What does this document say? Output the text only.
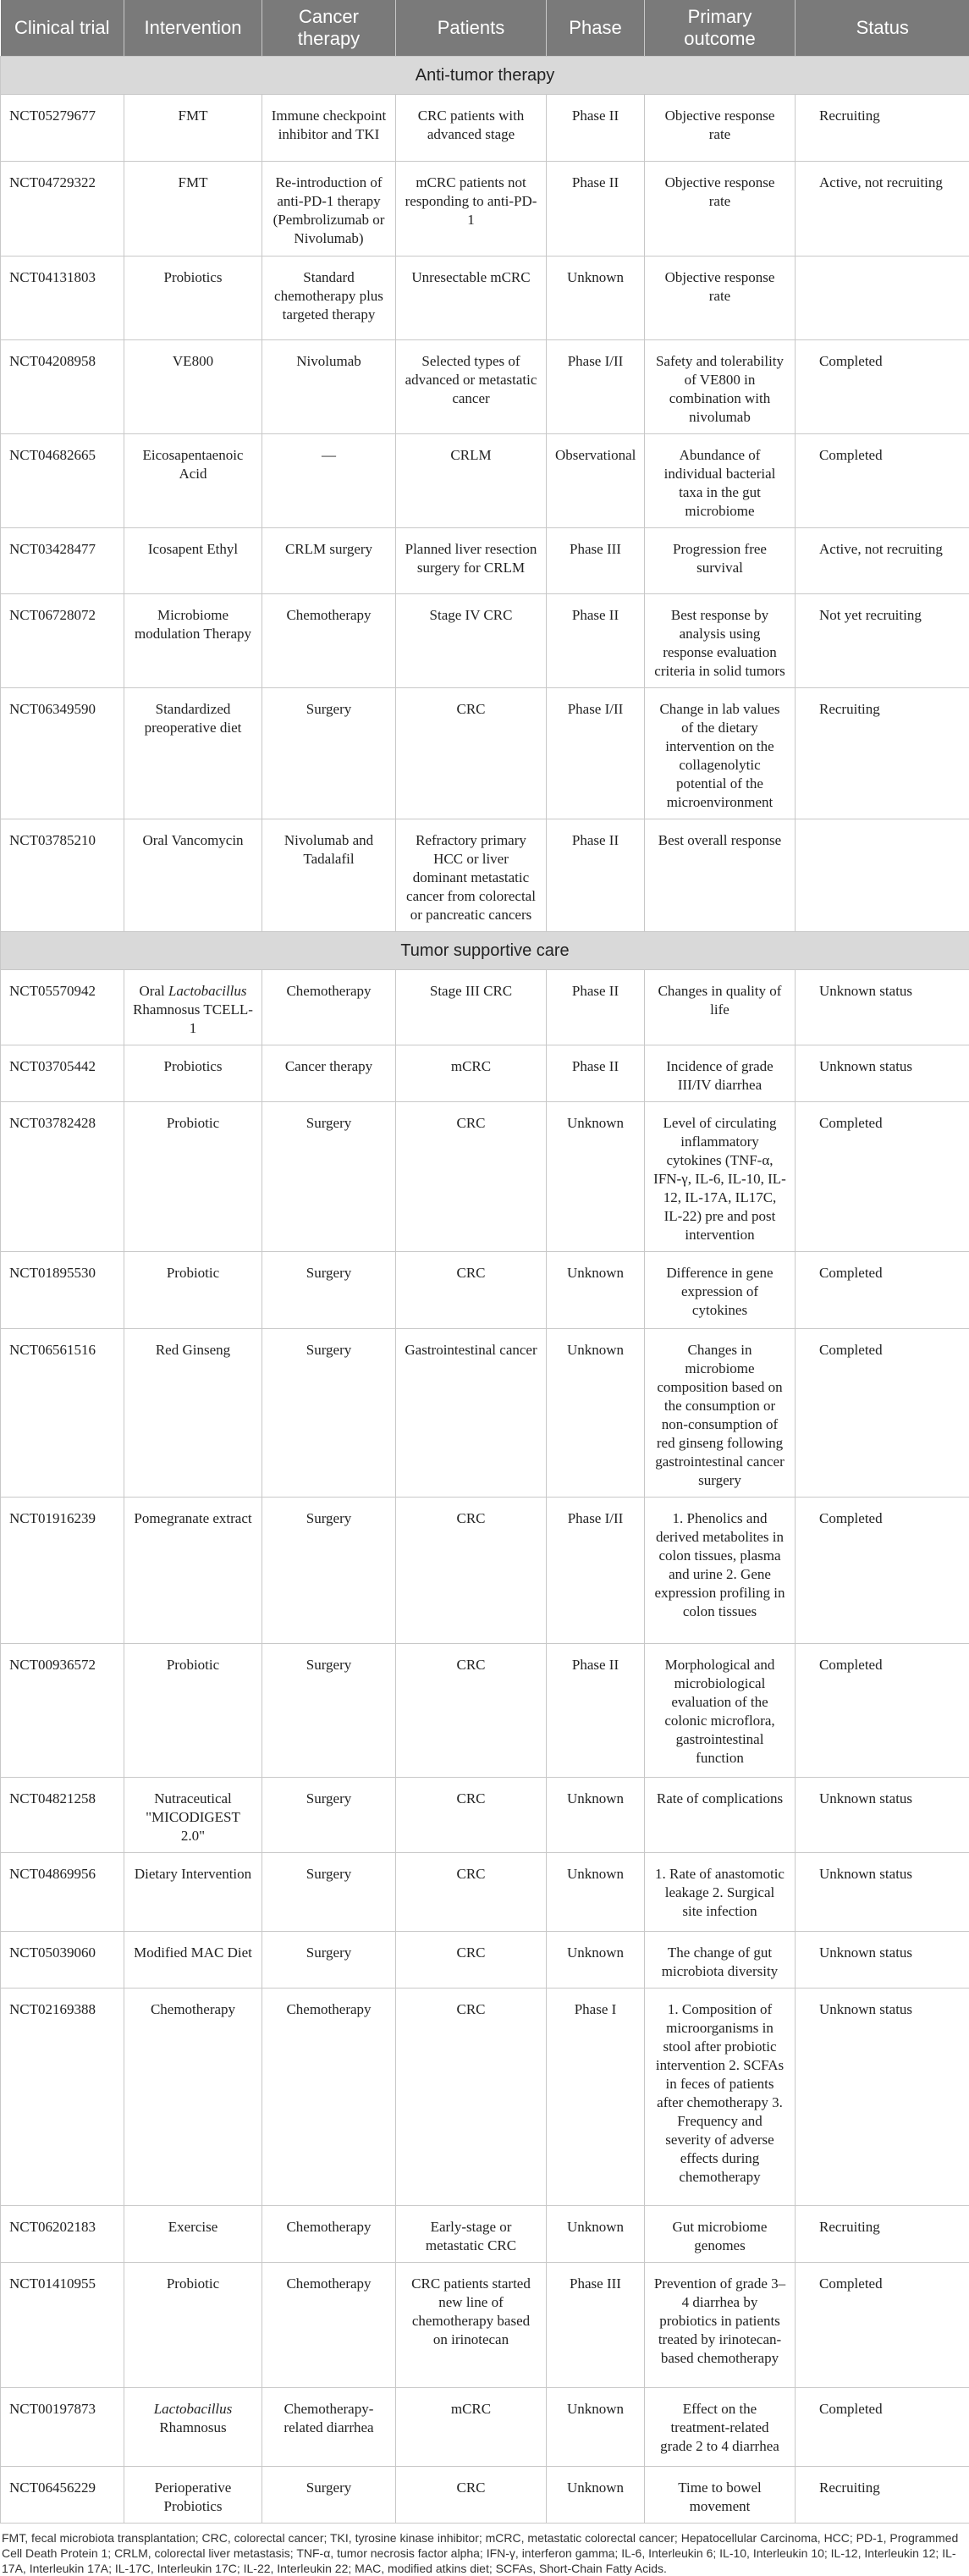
Clinical trial	Intervention	Cancer therapy	Patients	Phase	Primary outcome	Status
Anti-tumor therapy						
NCT05279677	FMT	Immune checkpoint inhibitor and TKI	CRC patients with advanced stage	Phase II	Objective response rate	Recruiting
NCT04729322	FMT	Re-introduction of anti-PD-1 therapy (Pembrolizumab or Nivolumab)	mCRC patients not responding to anti-PD-1	Phase II	Objective response rate	Active, not recruiting
NCT04131803	Probiotics	Standard chemotherapy plus targeted therapy	Unresectable mCRC	Unknown	Objective response rate	
NCT04208958	VE800	Nivolumab	Selected types of advanced or metastatic cancer	Phase I/II	Safety and tolerability of VE800 in combination with nivolumab	Completed
NCT04682665	Eicosapentaenoic Acid	—	CRLM	Observational	Abundance of individual bacterial taxa in the gut microbiome	Completed
NCT03428477	Icosapent Ethyl	CRLM surgery	Planned liver resection surgery for CRLM	Phase III	Progression free survival	Active, not recruiting
NCT06728072	Microbiome modulation Therapy	Chemotherapy	Stage IV CRC	Phase II	Best response by analysis using response evaluation criteria in solid tumors	Not yet recruiting
NCT06349590	Standardized preoperative diet	Surgery	CRC	Phase I/II	Change in lab values of the dietary intervention on the collagenolytic potential of the microenvironment	Recruiting
NCT03785210	Oral Vancomycin	Nivolumab and Tadalafil	Refractory primary HCC or liver dominant metastatic cancer from colorectal or pancreatic cancers	Phase II	Best overall response	
Tumor supportive care						
NCT05570942	Oral Lactobacillus Rhamnosus TCELL-1	Chemotherapy	Stage III CRC	Phase II	Changes in quality of life	Unknown status
NCT03705442	Probiotics	Cancer therapy	mCRC	Phase II	Incidence of grade III/IV diarrhea	Unknown status
NCT03782428	Probiotic	Surgery	CRC	Unknown	Level of circulating inflammatory cytokines (TNF-α, IFN-γ, IL-6, IL-10, IL-12, IL-17A, IL17C, IL-22) pre and post intervention	Completed
NCT01895530	Probiotic	Surgery	CRC	Unknown	Difference in gene expression of cytokines	Completed
NCT06561516	Red Ginseng	Surgery	Gastrointestinal cancer	Unknown	Changes in microbiome composition based on the consumption or non-consumption of red ginseng following gastrointestinal cancer surgery	Completed
NCT01916239	Pomegranate extract	Surgery	CRC	Phase I/II	1. Phenolics and derived metabolites in colon tissues, plasma and urine 2. Gene expression profiling in colon tissues	Completed
NCT00936572	Probiotic	Surgery	CRC	Phase II	Morphological and microbiological evaluation of the colonic microflora, gastrointestinal function	Completed
NCT04821258	Nutraceutical "MICODIGEST 2.0"	Surgery	CRC	Unknown	Rate of complications	Unknown status
NCT04869956	Dietary Intervention	Surgery	CRC	Unknown	1. Rate of anastomotic leakage 2. Surgical site infection	Unknown status
NCT05039060	Modified MAC Diet	Surgery	CRC	Unknown	The change of gut microbiota diversity	Unknown status
NCT02169388	Chemotherapy	Chemotherapy	CRC	Phase I	1. Composition of microorganisms in stool after probiotic intervention 2. SCFAs in feces of patients after chemotherapy 3. Frequency and severity of adverse effects during chemotherapy	Unknown status
NCT06202183	Exercise	Chemotherapy	Early-stage or metastatic CRC	Unknown	Gut microbiome genomes	Recruiting
NCT01410955	Probiotic	Chemotherapy	CRC patients started new line of chemotherapy based on irinotecan	Phase III	Prevention of grade 3–4 diarrhea by probiotics in patients treated by irinotecan-based chemotherapy	Completed
NCT00197873	Lactobacillus Rhamnosus	Chemotherapy-related diarrhea	mCRC	Unknown	Effect on the treatment-related grade 2 to 4 diarrhea	Completed
NCT06456229	Perioperative Probiotics	Surgery	CRC	Unknown	Time to bowel movement	Recruiting
FMT, fecal microbiota transplantation; CRC, colorectal cancer; TKI, tyrosine kinase inhibitor; mCRC, metastatic colorectal cancer; Hepatocellular Carcinoma, HCC; PD-1, Programmed Cell Death Protein 1; CRLM, colorectal liver metastasis; TNF-α, tumor necrosis factor alpha; IFN-γ, interferon gamma; IL-6, Interleukin 6; IL-10, Interleukin 10; IL-12, Interleukin 12; IL-17A, Interleukin 17A; IL-17C, Interleukin 17C; IL-22, Interleukin 22; MAC, modified atkins diet; SCFAs, Short-Chain Fatty Acids.
